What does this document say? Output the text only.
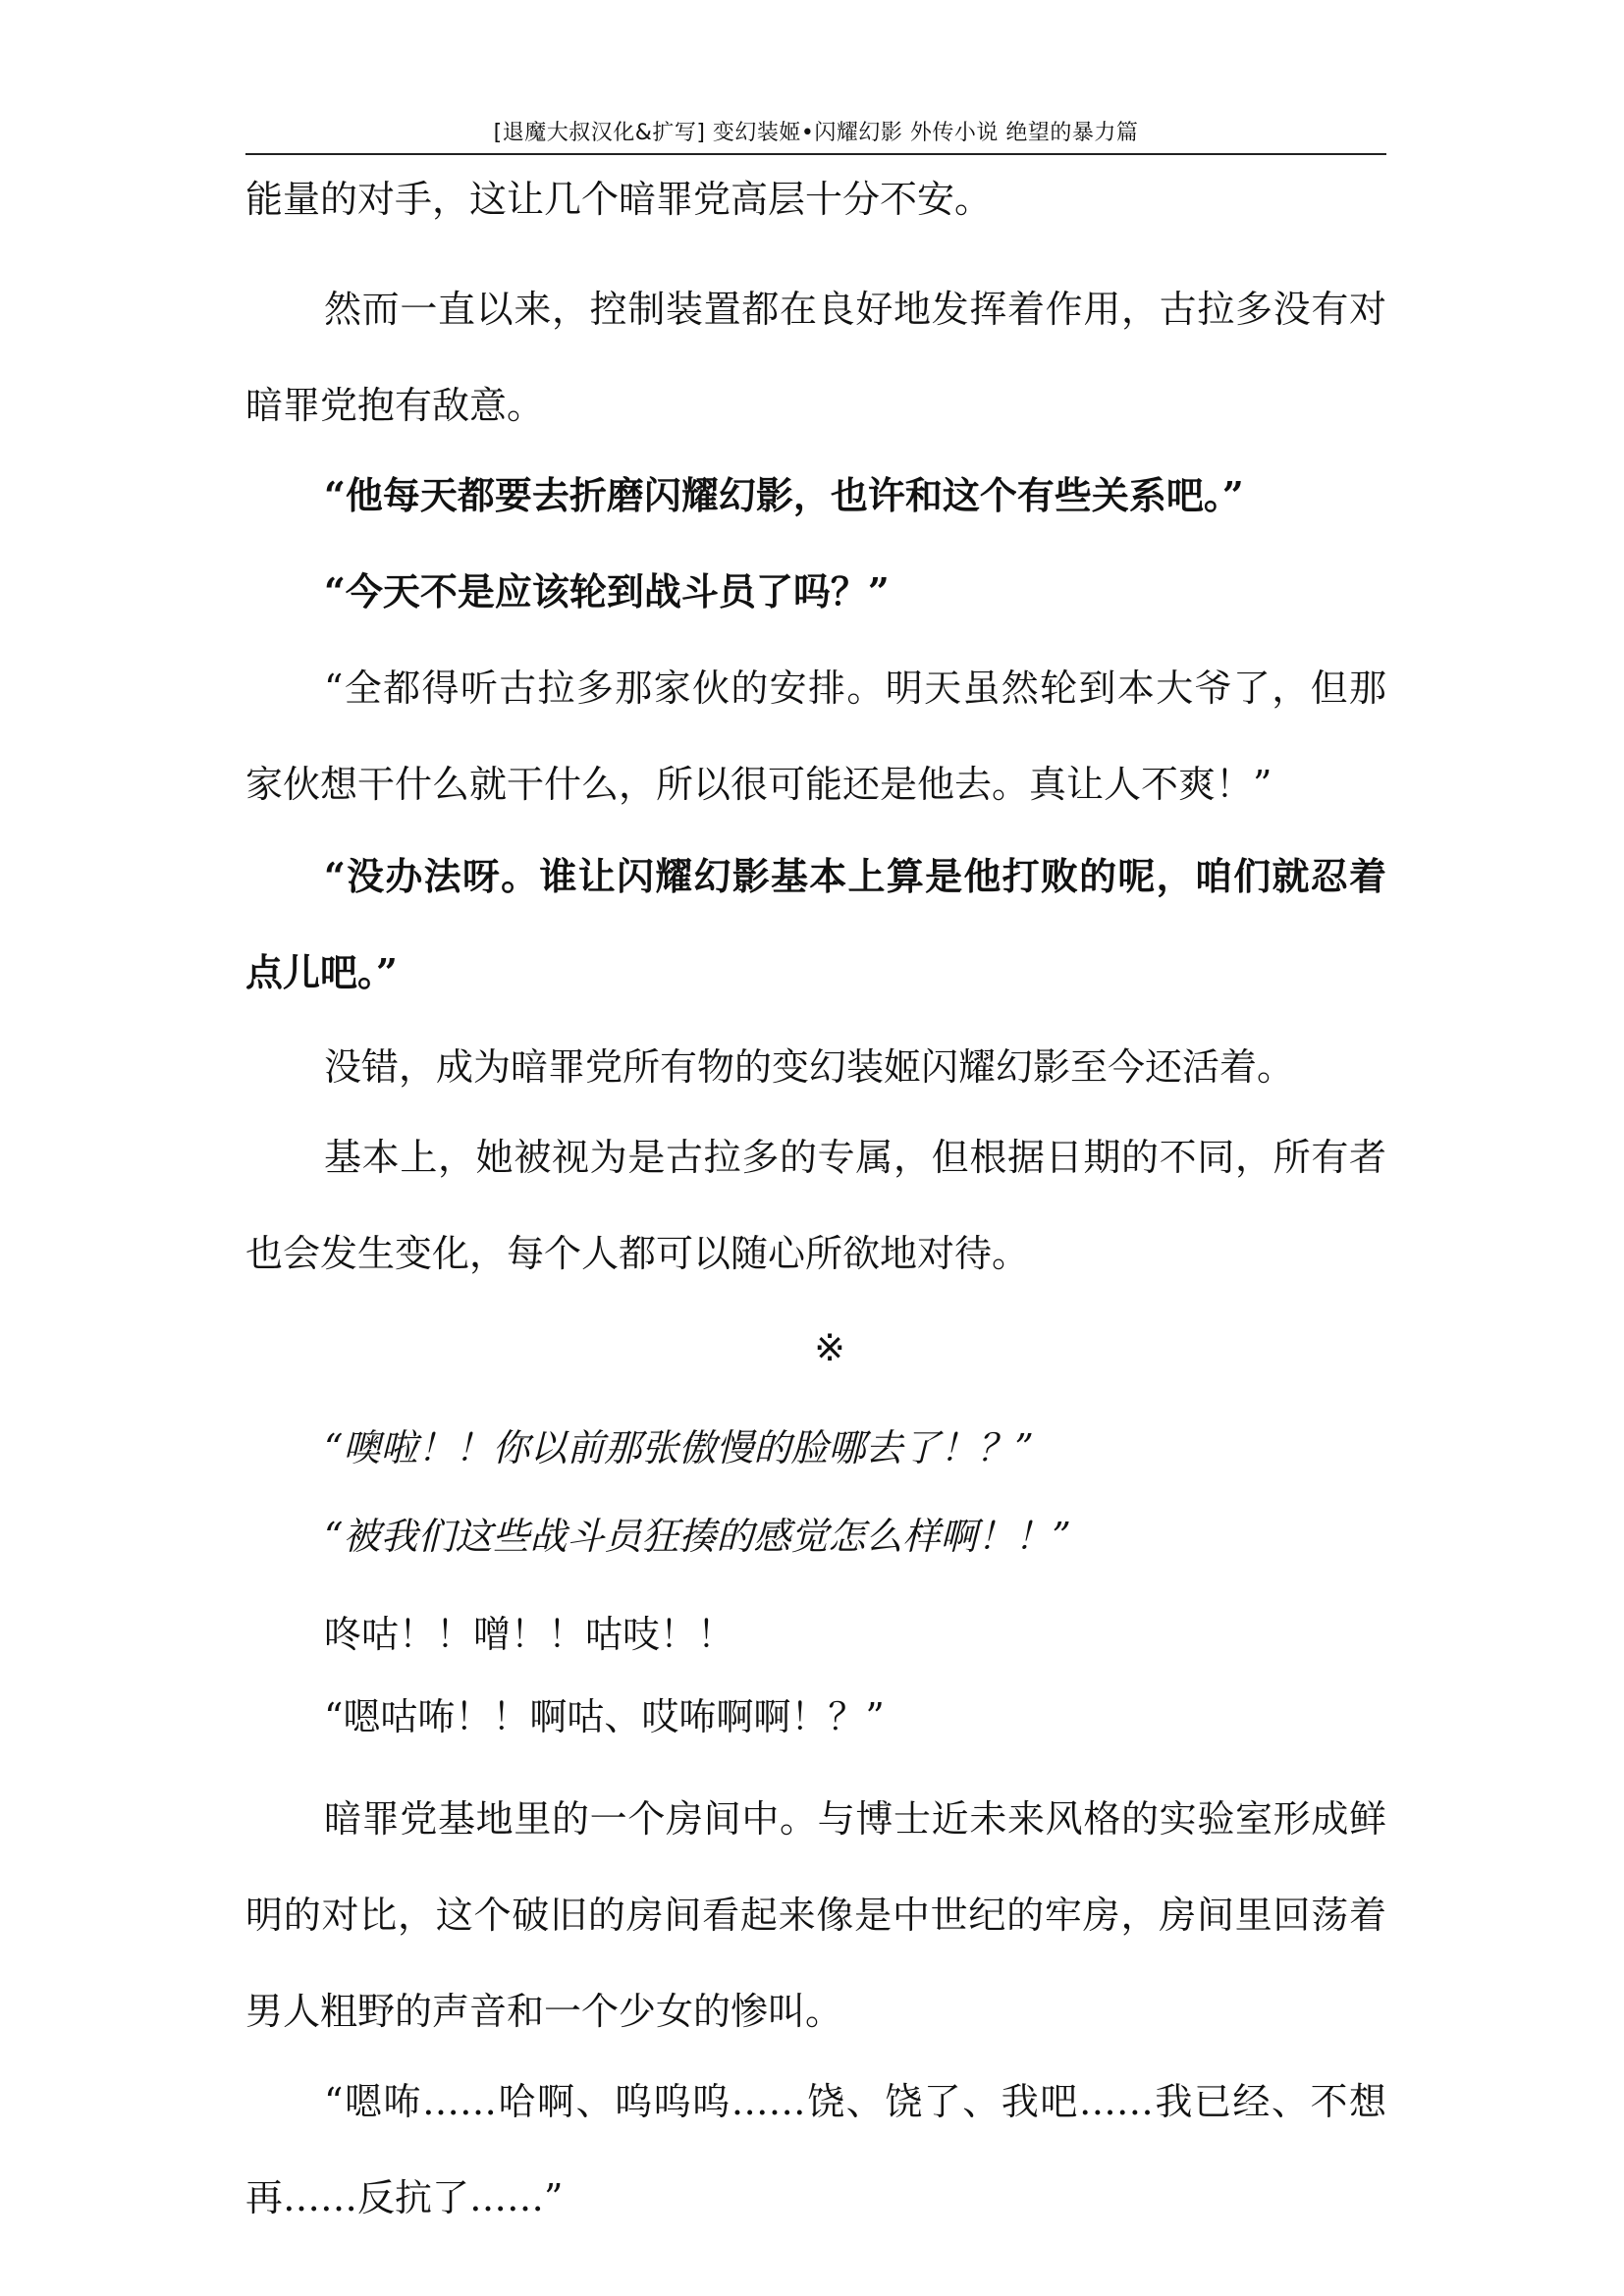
[退魔大叔汉化&扩写] 变幻装姬•闪耀幻影 外传小说 绝望的暴力篇

能量的对手，这让几个暗罪党高层十分不安。

然而一直以来，控制装置都在良好地发挥着作用，古拉多没有对暗罪党抱有敌意。

“他每天都要去折磨闪耀幻影，也许和这个有些关系吧。”

“今天不是应该轮到战斗员了吗？”

“全都得听古拉多那家伙的安排。明天虽然轮到本大爷了，但那家伙想干什么就干什么，所以很可能还是他去。真让人不爽！”

“没办法呀。谁让闪耀幻影基本上算是他打败的呢，咱们就忍着点儿吧。”

没错，成为暗罪党所有物的变幻装姬闪耀幻影至今还活着。

基本上，她被视为是古拉多的专属，但根据日期的不同，所有者也会发生变化，每个人都可以随心所欲地对待。

※

“噢啦！！你以前那张傲慢的脸哪去了！？”

“被我们这些战斗员狂揍的感觉怎么样啊！！”

咚咕！！噌！！咕吱！！

“嗯咕咘！！啊咕、哎咘啊啊！？”

暗罪党基地里的一个房间中。与博士近未来风格的实验室形成鲜明的对比，这个破旧的房间看起来像是中世纪的牢房，房间里回荡着男人粗野的声音和一个少女的惨叫。

“嗯咘……哈啊、呜呜呜……饶、饶了、我吧……我已经、不想再……反抗了……”
